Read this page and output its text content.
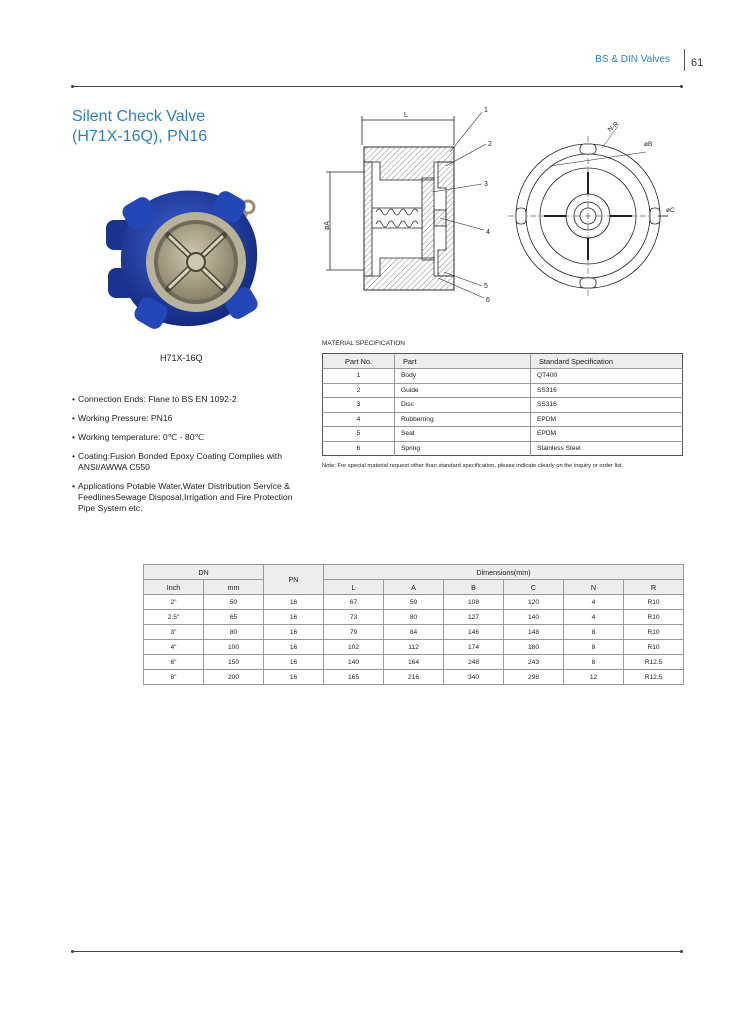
BS & DIN Valves 61
Silent Check Valve
(H71X-16Q), PN16
H71X-16Q
• Connection Ends: Flane to BS EN 1092-2
• Working Pressure: PN16
• Working temperature: 0℃ - 80℃
• Coating:Fusion Bonded Epoxy Coating Complies with ANSI/AWWA C550
• Applications Potable Water,Water Distribution Service & FeedlinesSewage Disposal,Irrigation and Fire Protection Pipe System etc.
L
øA
1
2
3
4
5
6
øB
øC
N-R
MATERIAL SPECIFICATION
Part No.	Part	Standard Specification
1	Body	QT400
2	Guide	SS316
3	Disc	SS316
4	Rubberring	EPDM
5	Seat	EPDM
6	Spring	Stainless Steel
Note: For special material request other than standard specification, please indicate clearly on the inquiry or order list.
DN		PN	Dimensions(mm)					
Inch	mm		L	A	B	C	N	R
2"	50	16	67	59	108	120	4	R10
2.5"	65	16	73	80	127	140	4	R10
3"	80	16	79	84	146	148	8	R10
4"	100	16	102	112	174	180	8	R10
6"	150	16	140	164	248	243	8	R12.5
8"	200	16	165	216	340	298	12	R12.5
